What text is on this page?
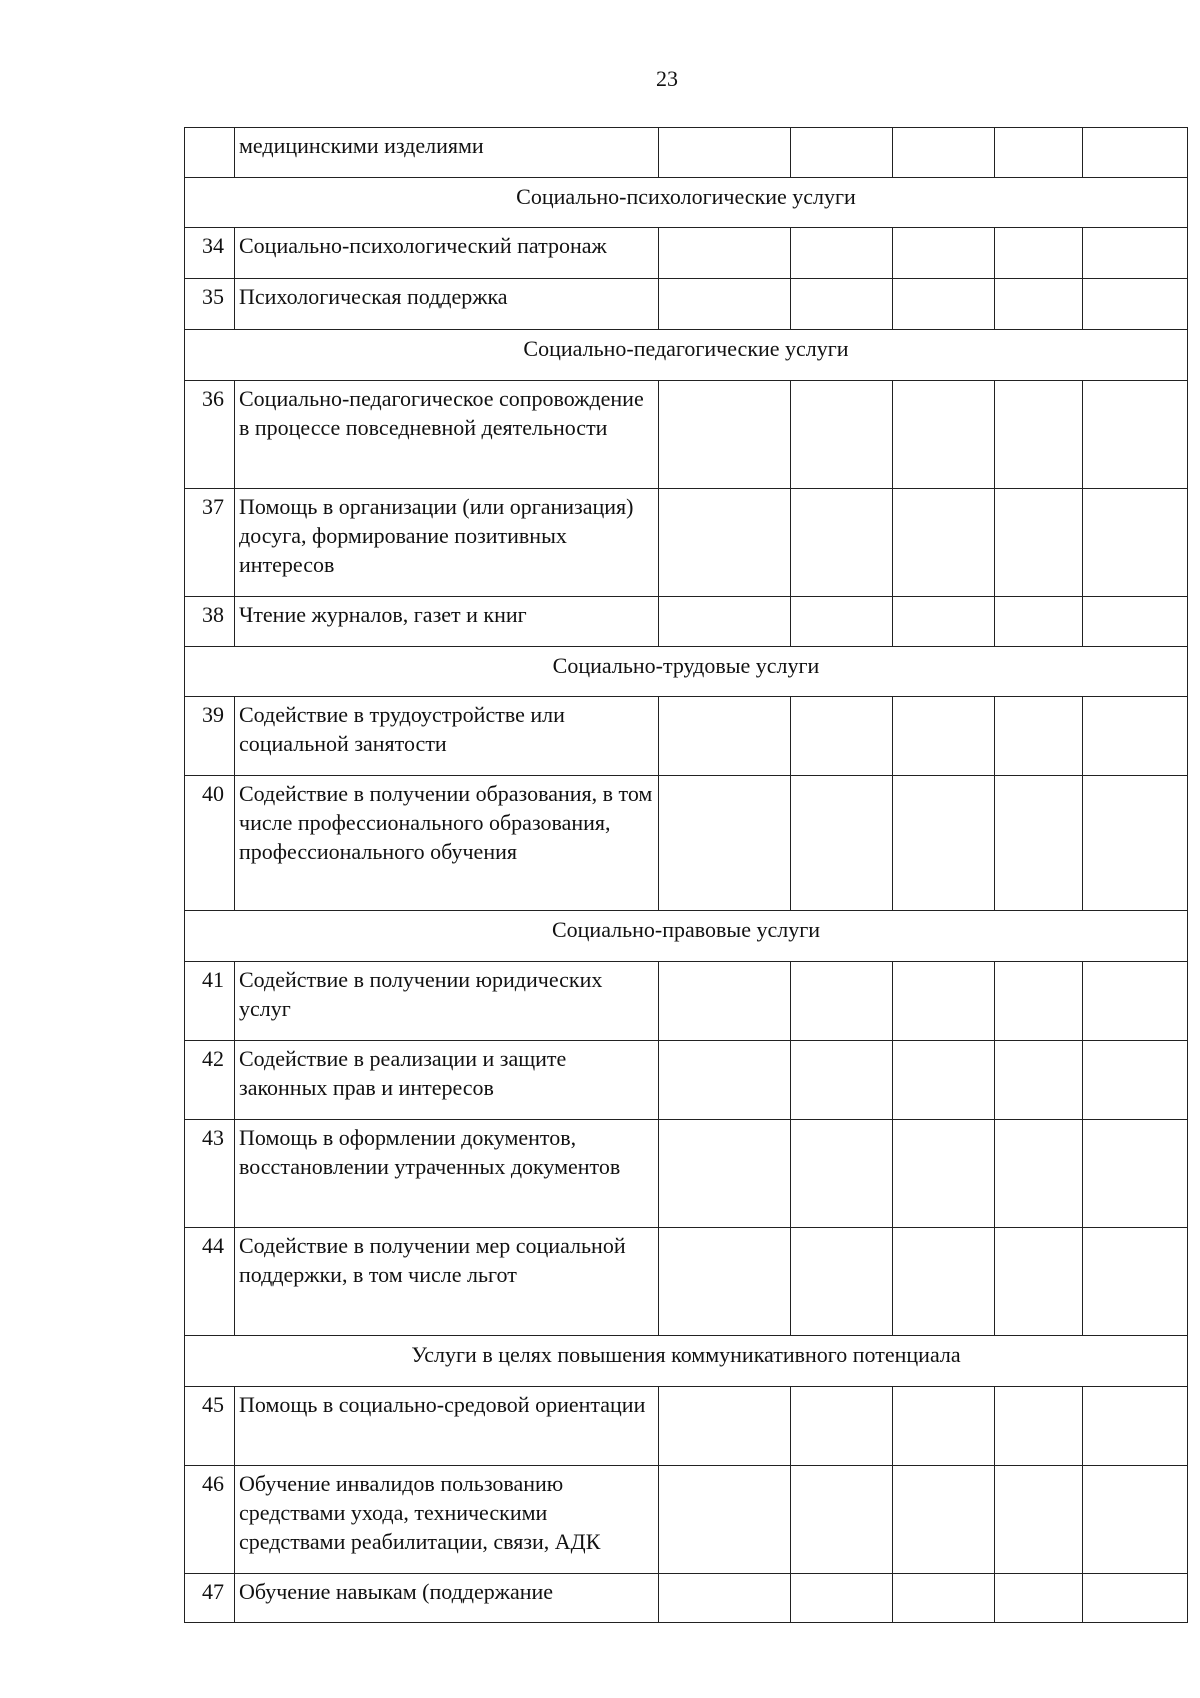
23
	медицинскими изделиями					
Социально-психологические услуги						
34	Социально-психологический патронаж					
35	Психологическая поддержка					
Социально-педагогические услуги						
36	Социально-педагогическое сопровождение в процессе повседневной деятельности					
37	Помощь в организации (или организация) досуга, формирование позитивных интересов					
38	Чтение журналов, газет и книг					
Социально-трудовые услуги						
39	Содействие в трудоустройстве или социальной занятости					
40	Содействие в получении образования, в том числе профессионального образования, профессионального обучения					
Социально-правовые услуги						
41	Содействие в получении юридических услуг					
42	Содействие в реализации и защите законных прав и интересов					
43	Помощь в оформлении документов, восстановлении утраченных документов					
44	Содействие в получении мер социальной поддержки, в том числе льгот					
Услуги в целях повышения коммуникативного потенциала						
45	Помощь в социально-средовой ориентации					
46	Обучение инвалидов пользованию средствами ухода, техническими средствами реабилитации, связи, АДК					
47	Обучение навыкам (поддержание					
